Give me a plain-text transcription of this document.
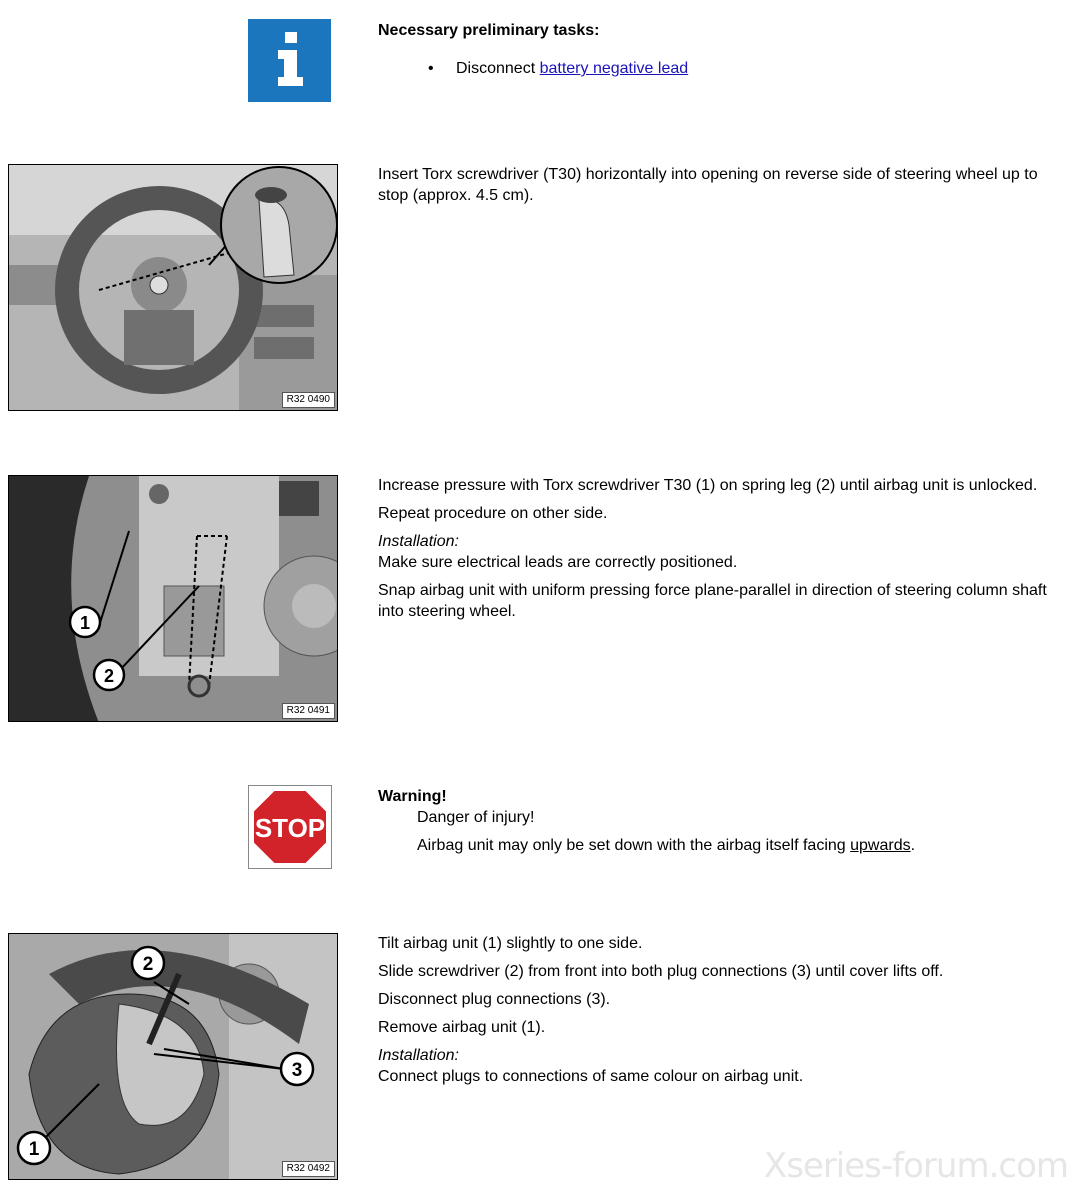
Necessary preliminary tasks:
• Disconnect battery negative lead
R32 0490

Insert Torx screwdriver (T30) horizontally into opening on reverse side of steering wheel up to stop (approx. 4.5 cm).

1
2
R32 0491

Increase pressure with Torx screwdriver T30 (1) on spring leg (2) until airbag unit is unlocked.

Repeat procedure on other side.

Installation:

Make sure electrical leads are correctly positioned.

Snap airbag unit with uniform pressing force plane-parallel in direction of steering column shaft into steering wheel.

STOP
Warning!

Danger of injury!

Airbag unit may only be set down with the airbag itself facing upwards.

2
3
1
R32 0492

Tilt airbag unit (1) slightly to one side.

Slide screwdriver (2) from front into both plug connections (3) until cover lifts off.

Disconnect plug connections (3).

Remove airbag unit (1).

Installation:

Connect plugs to connections of same colour on airbag unit.

Xseries-forum.com
